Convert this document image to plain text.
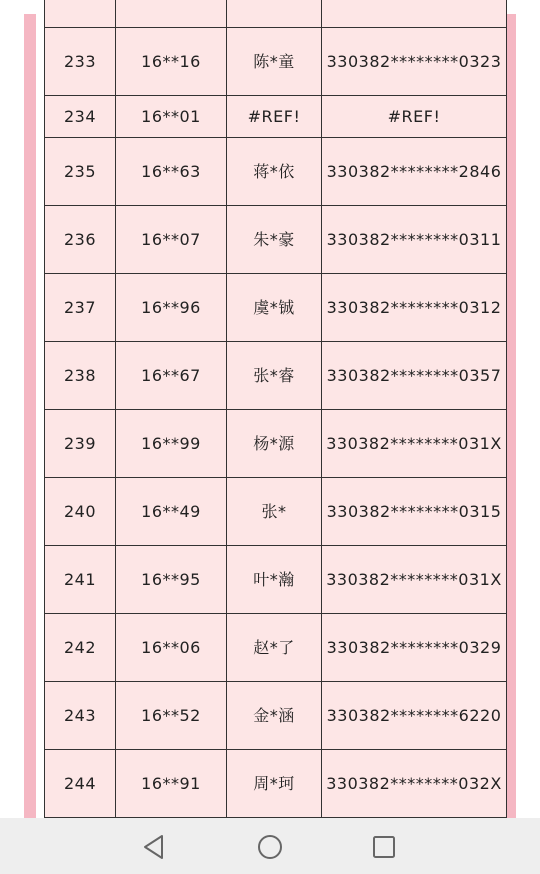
233	16**16	陈*童	330382********0323
234	16**01	#REF!	#REF!
235	16**63	蒋*依	330382********2846
236	16**07	朱*豪	330382********0311
237	16**96	虞*铖	330382********0312
238	16**67	张*睿	330382********0357
239	16**99	杨*源	330382********031X
240	16**49	张*	330382********0315
241	16**95	叶*瀚	330382********031X
242	16**06	赵*了	330382********0329
243	16**52	金*涵	330382********6220
244	16**91	周*珂	330382********032X
